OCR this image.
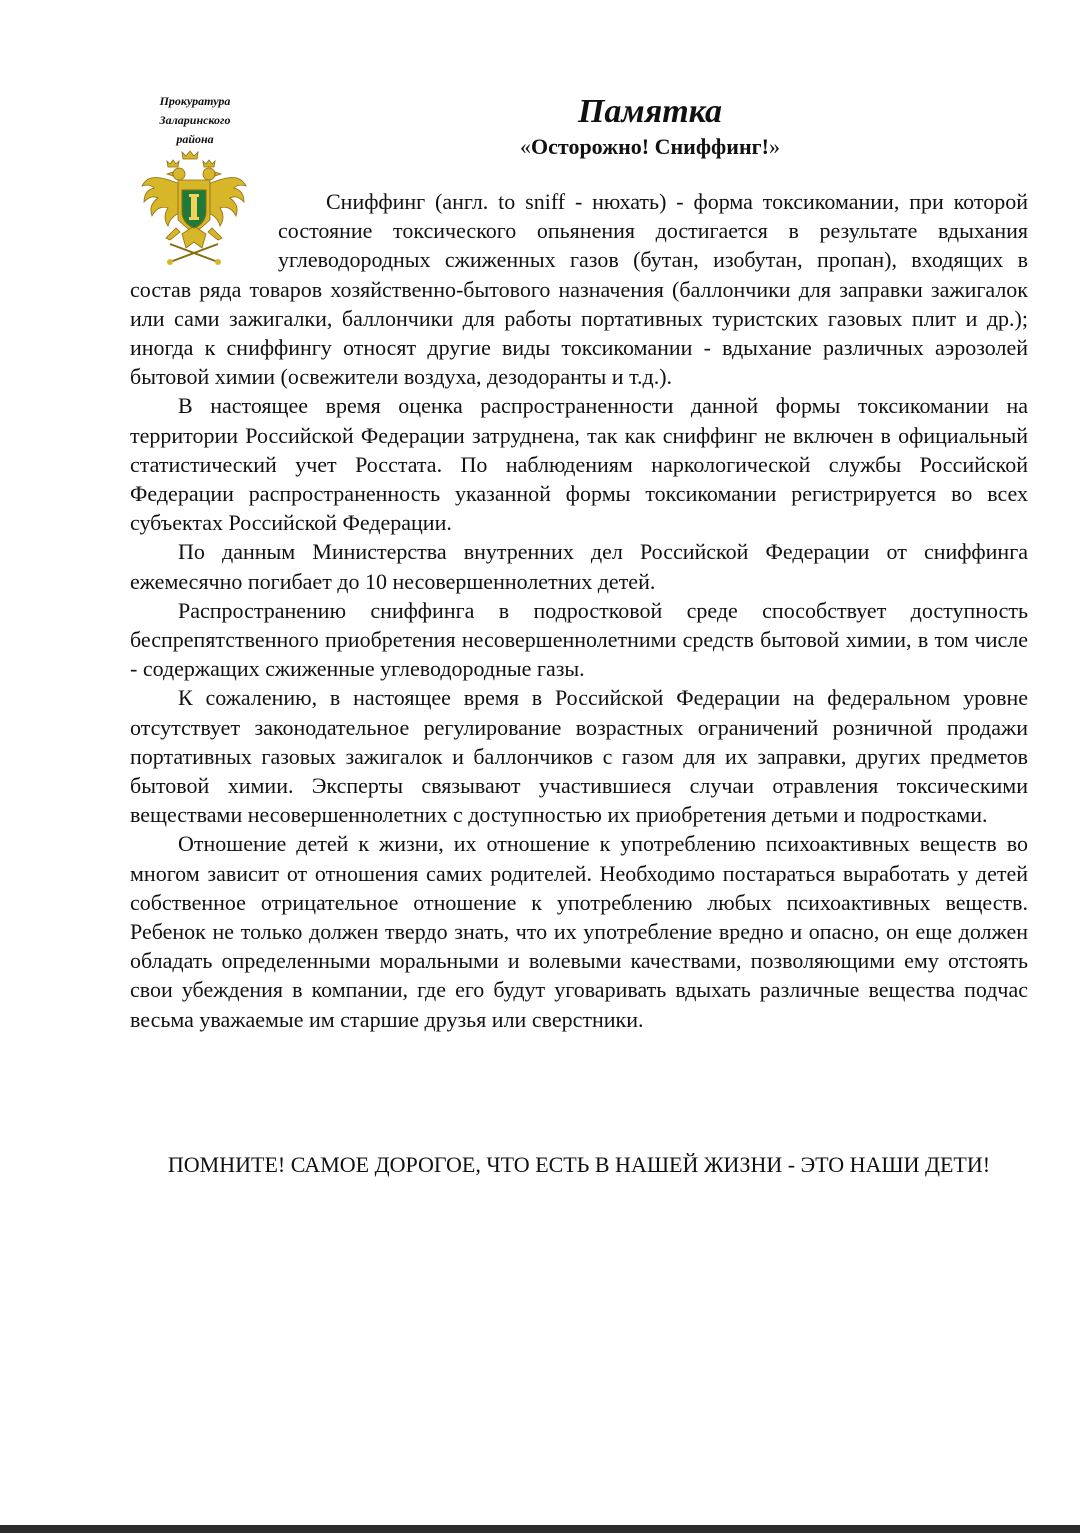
Прокуратура
Заларинского
района
Памятка

«Осторожно! Сниффинг!»

Сниффинг (англ. to sniff - нюхать) - форма токсикомании, при которой состояние токсического опьянения достигается в результате вдыхания углеводородных сжиженных газов (бутан, изобутан, пропан), входящих в состав ряда товаров хозяйственно-бытового назначения (баллончики для заправки зажигалок или сами зажигалки, баллончики для работы портативных туристских газовых плит и др.); иногда к сниффингу относят другие виды токсикомании - вдыхание различных аэрозолей бытовой химии (освежители воздуха, дезодоранты и т.д.).

В настоящее время оценка распространенности данной формы токсикомании на территории Российской Федерации затруднена, так как сниффинг не включен в официальный статистический учет Росстата. По наблюдениям наркологической службы Российской Федерации распространенность указанной формы токсикомании регистрируется во всех субъектах Российской Федерации.

По данным Министерства внутренних дел Российской Федерации от сниффинга ежемесячно погибает до 10 несовершеннолетних детей.

Распространению сниффинга в подростковой среде способствует доступность беспрепятственного приобретения несовершеннолетними средств бытовой химии, в том числе - содержащих сжиженные углеводородные газы.

К сожалению, в настоящее время в Российской Федерации на федеральном уровне отсутствует законодательное регулирование возрастных ограничений розничной продажи портативных газовых зажигалок и баллончиков с газом для их заправки, других предметов бытовой химии. Эксперты связывают участившиеся случаи отравления токсическими веществами несовершеннолетних с доступностью их приобретения детьми и подростками.

Отношение детей к жизни, их отношение к употреблению психоактивных веществ во многом зависит от отношения самих родителей. Необходимо постараться выработать у детей собственное отрицательное отношение к употреблению любых психоактивных веществ. Ребенок не только должен твердо знать, что их употребление вредно и опасно, он еще должен обладать определенными моральными и волевыми качествами, позволяющими ему отстоять свои убеждения в компании, где его будут уговаривать вдыхать различные вещества подчас весьма уважаемые им старшие друзья или сверстники.

ПОМНИТЕ! САМОЕ ДОРОГОЕ, ЧТО ЕСТЬ В НАШЕЙ ЖИЗНИ - ЭТО НАШИ ДЕТИ!
